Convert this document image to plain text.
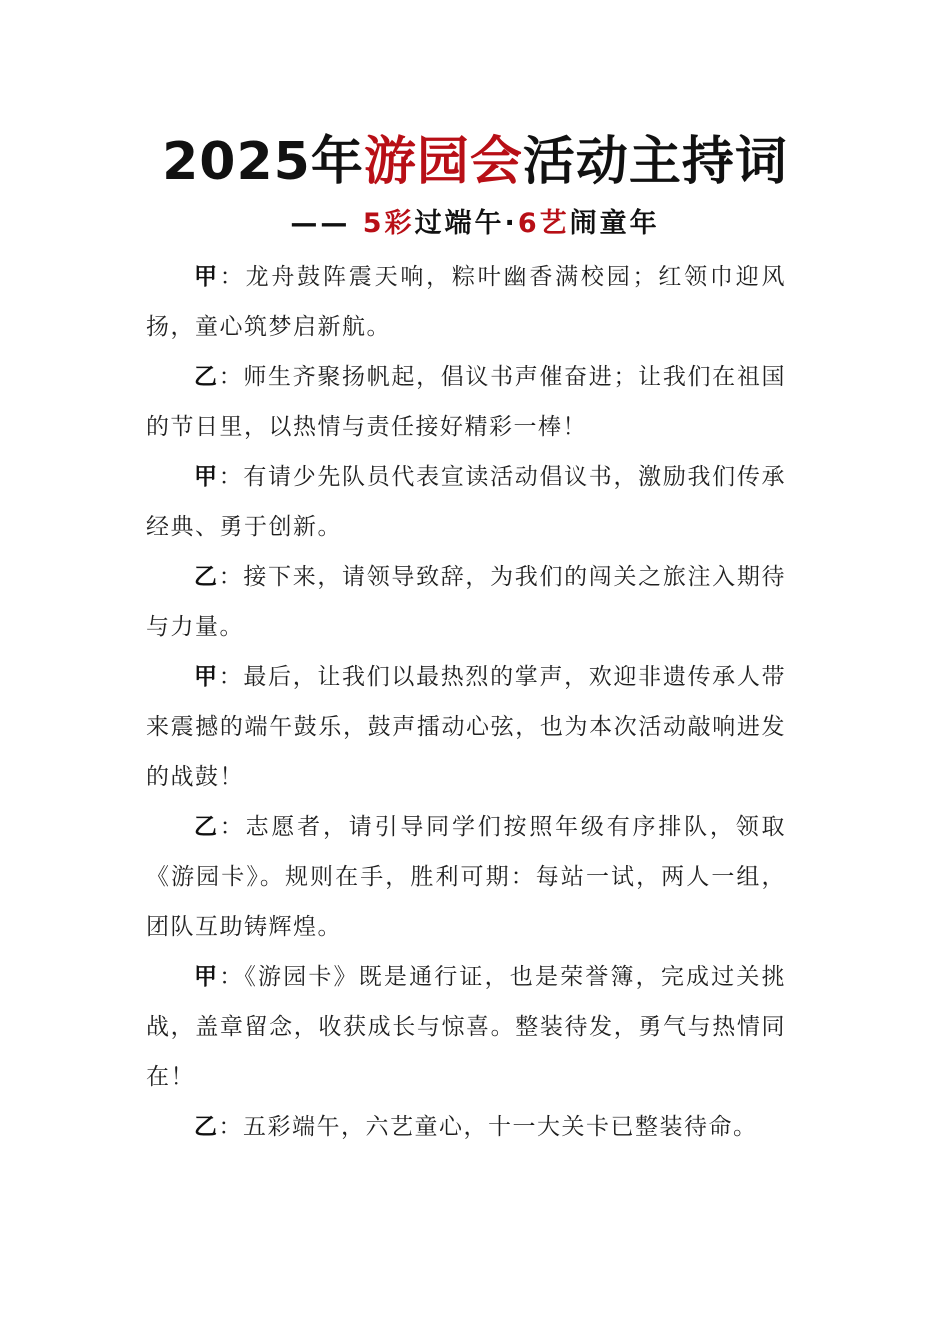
2025年游园会活动主持词
—— 5彩过端午·6艺闹童年

甲：龙舟鼓阵震天响，粽叶幽香满校园；红领巾迎风扬，童心筑梦启新航。

乙：师生齐聚扬帆起，倡议书声催奋进；让我们在祖国的节日里，以热情与责任接好精彩一棒！

甲：有请少先队员代表宣读活动倡议书，激励我们传承经典、勇于创新。

乙：接下来，请领导致辞，为我们的闯关之旅注入期待与力量。

甲：最后，让我们以最热烈的掌声，欢迎非遗传承人带来震撼的端午鼓乐，鼓声擂动心弦，也为本次活动敲响进发的战鼓！

乙：志愿者，请引导同学们按照年级有序排队，领取《游园卡》。规则在手，胜利可期：每站一试，两人一组，团队互助铸辉煌。

甲：《游园卡》既是通行证，也是荣誉簿，完成过关挑战，盖章留念，收获成长与惊喜。整装待发，勇气与热情同在！

乙：五彩端午，六艺童心，十一大关卡已整装待命。
